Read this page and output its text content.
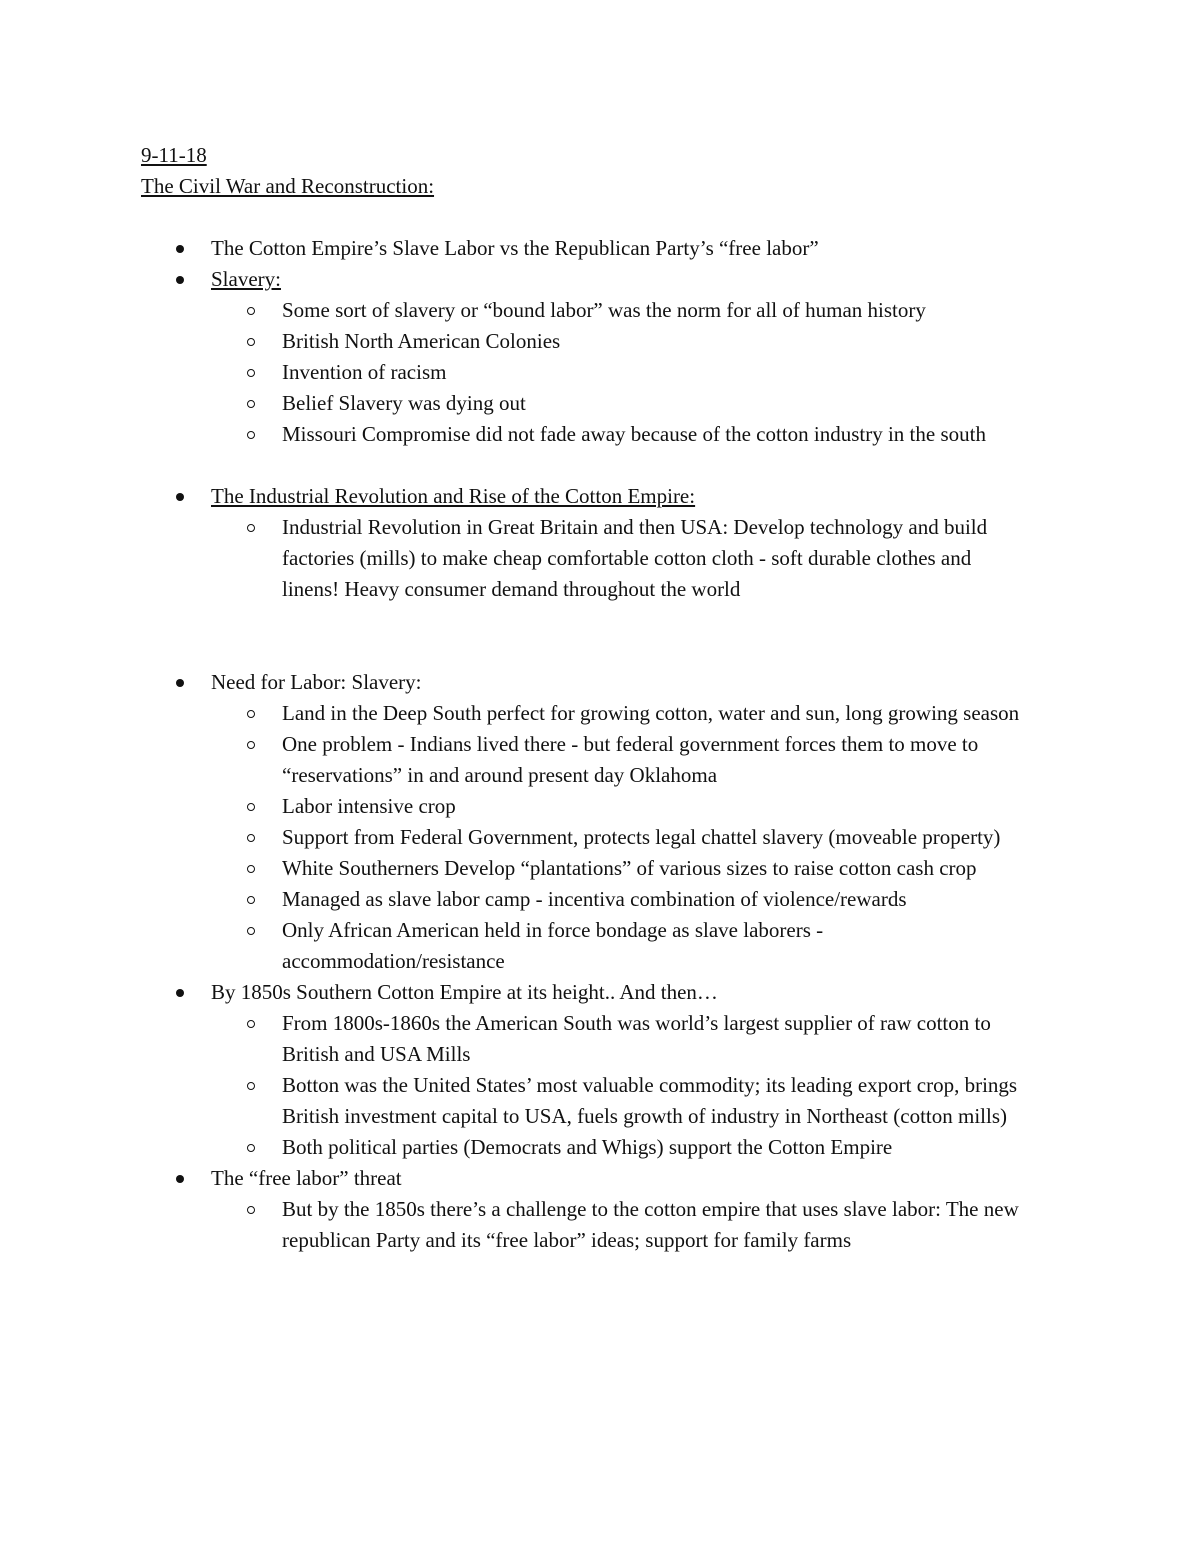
9-11-18

The Civil War and Reconstruction:

The Cotton Empire’s Slave Labor vs the Republican Party’s “free labor”
Slavery:
Some sort of slavery or “bound labor” was the norm for all of human history
British North American Colonies
Invention of racism
Belief Slavery was dying out
Missouri Compromise did not fade away because of the cotton industry in the south
The Industrial Revolution and Rise of the Cotton Empire:
Industrial Revolution in Great Britain and then USA: Develop technology and build factories (mills) to make cheap comfortable cotton cloth - soft durable clothes and linens! Heavy consumer demand throughout the world
Need for Labor: Slavery:
Land in the Deep South perfect for growing cotton, water and sun, long growing season
One problem - Indians lived there - but federal government forces them to move to “reservations” in and around present day Oklahoma
Labor intensive crop
Support from Federal Government, protects legal chattel slavery (moveable property)
White Southerners Develop “plantations” of various sizes to raise cotton cash crop
Managed as slave labor camp - incentiva combination of violence/rewards
Only African American held in force bondage as slave laborers - accommodation/resistance
By 1850s Southern Cotton Empire at its height.. And then…
From 1800s-1860s the American South was world’s largest supplier of raw cotton to British and USA Mills
Botton was the United States’ most valuable commodity; its leading export crop, brings British investment capital to USA, fuels growth of industry in Northeast (cotton mills)
Both political parties (Democrats and Whigs) support the Cotton Empire
The “free labor” threat
But by the 1850s there’s a challenge to the cotton empire that uses slave labor: The new republican Party and its “free labor” ideas; support for family farms
